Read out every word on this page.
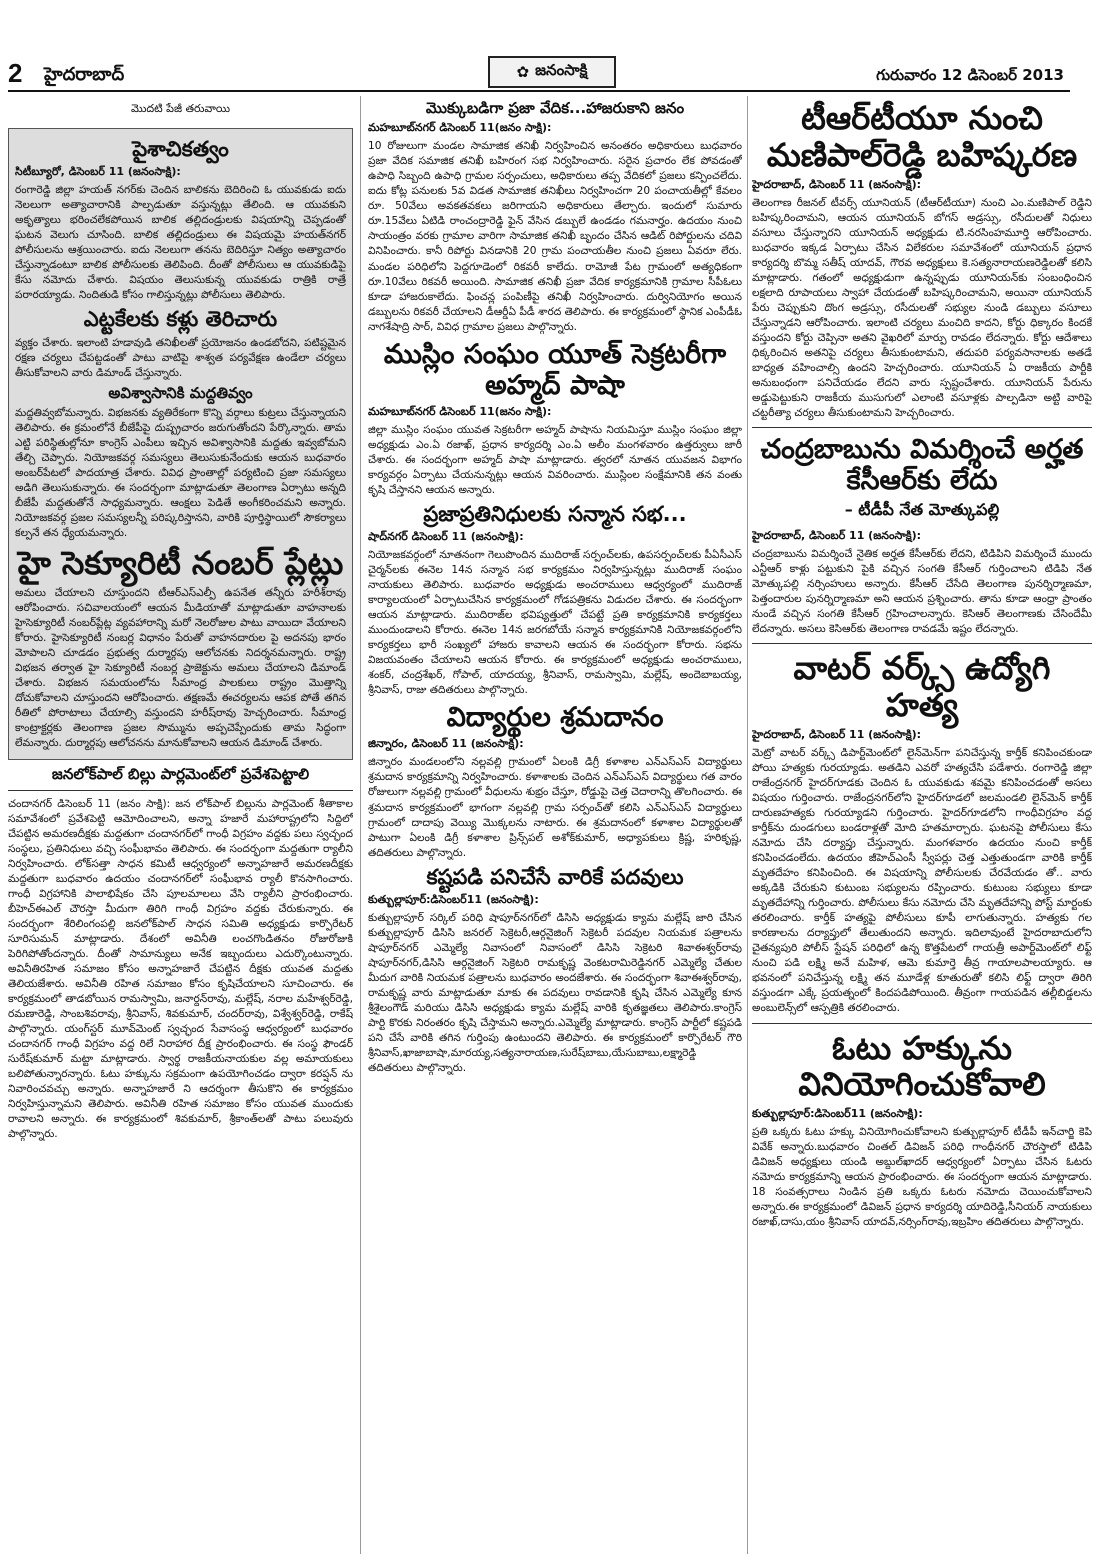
2 హైదరాబాద్	✿ జనంసాక్షి	గురువారం 12 డిసెంబర్ 2013
మొదటి పేజీ తరువాయి
పైశాచికత్వం
సిటీబ్యూరో, డిసెంబర్ 11 (జనంసాక్షి):

రంగారెడ్డి జిల్లా హయత్ నగర్‌కు చెందిన బాలికను బెదిరించి ఓ యువకుడు ఐదు నెలలుగా అత్యాచారానికి పాల్పడుతూ వస్తున్నట్లు తేలింది. ఆ యువకుని అకృత్యాలు భరించలేకపోయిన బాలిక తల్లిదండ్రులకు విషయాన్ని చెప్పడంతో ఘటన వెలుగు చూసింది. బాలిక తల్లిదండ్రులు ఈ విషయమై హయత్‌నగర్ పోలీసులను ఆశ్రయించారు. ఐదు నెలలుగా తనను బెదిరిస్తూ నిత్యం అత్యాచారం చేస్తున్నాడంటూ బాలిక పోలీసులకు తెలిపింది. దీంతో పోలీసులు ఆ యువకుడిపై కేసు నమోదు చేశారు. విషయం తెలుసుకున్న యువకుడు రాత్రికి రాత్రే పరారయ్యాడు. నిందితుడి కోసం గాలిస్తున్నట్లు పోలీసులు తెలిపారు.

ఎట్టకేలకు కళ్లు తెరిచారు

వ్యక్తం చేశారు. ఇలాంటి హడావుడి తనిఖీలతో ప్రయోజనం ఉండబోదని, పటిష్టమైన రక్షణ చర్యలు చేపట్టడంతో పాటు వాటిపై శాశ్వత పర్యవేక్షణ ఉండేలా చర్యలు తీసుకోవాలని వారు డిమాండ్ చేస్తున్నారు.

అవిశ్వాసానికి మద్దతివ్వం

మద్దతివ్వబోమన్నారు. విభజనకు వ్యతిరేకంగా కొన్ని వర్గాలు కుట్రలు చేస్తున్నాయని తెలిపారు. ఈ క్రమంలోనే బీజేపీపై దుష్ప్రచారం జరుగుతోందని పేర్కొన్నారు. తామ ఎట్టి పరిస్థితుల్లోనూ కాంగ్రెస్ ఎంపీలు ఇచ్చిన అవిశ్వాసానికి మద్దతు ఇవ్వబోమని తేల్చి చెప్పారు. నియోజకవర్గ సమస్యలు తెలుసుకునేందుకు ఆయన బుధవారం అంబర్‌పేటలో పాదయాత్ర చేశారు. వివిధ ప్రాంతాల్లో పర్యటించి ప్రజా సమస్యలు అడిగి తెలుసుకున్నారు. ఈ సందర్భంగా మాట్లాడుతూ తెలంగాణ ఏర్పాటు అన్నది బీజేపీ మద్దతుతోనే సాధ్యమన్నారు. ఆంక్షలు పెడితే అంగీకరించమని అన్నారు. నియోజకవర్గ ప్రజల సమస్యలన్నీ పరిష్కరిస్తానని, వారికి పూర్తిస్థాయిలో సౌకర్యాలు కల్పనే తన ధ్యేయమన్నారు.

హై సెక్యూరిటీ నంబర్ ప్లేట్లు

అమలు చేయాలని చూస్తుందని టీఆర్‌ఎస్‌ఎల్పీ ఉపనేత తన్నీరు హరీశ్‌రావు ఆరోపించారు. సచివాలయంలో ఆయన మీడియాతో మాట్లాడుతూ వాహనాలకు హైసెక్యూరిటీ నంబర్‌ప్లేట్ల వ్యవహారాన్ని మరో నెలరోజుల పాటు వాయిదా వేయాలని కోరారు. హైసెక్యూరిటీ నంబర్ల విధానం పేరుతో వాహనదారుల పై అదనపు భారం మోపాలని చూడడం ప్రభుత్వ దుర్మార్గపు ఆలోచనకు నిదర్శనమన్నారు. రాష్ట్ర విభజన తర్వాత హై సెక్యూరిటీ నంబర్ల ప్రాజెక్టును అమలు చేయాలని డిమాండ్ చేశారు. విభజన సమయంలోను సీమాంధ్ర పాలకులు రాష్ట్రం మొత్తాన్ని దోచుకోవాలని చూస్తుందని ఆరోపించారు. తక్షణమే ఈచర్యలను ఆపక పోతే తగిన రీతిలో పోరాటాలు చేయాల్సి వస్తుందని హరీష్‌రావు హెచ్చరించారు. సీమాంధ్ర కాంట్రాక్టర్లకు తెలంగాణ ప్రజల సొమ్మును అప్పచెప్పేందుకు తామ సిద్ధంగా లేమన్నారు. దుర్మార్గపు ఆలోచనను మానుకోవాలని ఆయన డిమాండ్ చేశారు.

జనలోక్‌పాల్ బిల్లు పార్లమెంట్‌లో ప్రవేశపెట్టాలి

చందానగర్ డిసెంబర్ 11 (జనం సాక్షి): జన లోక్‌పాల్ బిల్లును పార్లమెంట్ శీతాకాల సమావేశంలో ప్రవేశపెట్టి ఆమోదించాలని, అన్నా హజారే మహారాష్ట్రలోని సిద్దిలో చేపట్టిన అమరణదీక్షకు మద్దతుగా చందానగర్‌లో గాంధీ విగ్రహం వద్దకు పలు స్వచ్ఛంద సంస్థలు, ప్రతినిధులు వచ్చి సంఘీభావం తెలిపారు. ఈ సందర్భంగా మద్దతుగా ర్యాలీని నిర్వహించారు. లోక్‌సత్తా సాధన కమిటీ ఆధ్వర్యంలో అన్నాహజారే అమరణదీక్షకు మద్దతుగా బుధవారం ఉదయం చందానగర్‌లో సంఘీభావ ర్యాలీ కొనసాగించారు. గాంధీ విగ్రహానికి పాలాభిషేకం చేసి పూలమాలలు వేసి ర్యాలీని ప్రారంభించారు. బీహెచ్ఈఎల్ చౌరస్తా మీదుగా తిరిగి గాంధీ విగ్రహం వద్దకు చేరుకున్నారు. ఈ సందర్భంగా శేరిలింగంపల్లి జనలోక్‌పాల్ సాధన సమితి అధ్యక్షుడు కార్పొరేటర్ సూరిసుమన్ మాట్లాడారు. దేశంలో అవినీతి లంచగొండితనం రోజురోజుకి పెరిగిపోతోందన్నారు. దీంతో సామాన్యులు అనేక ఇబ్బందులు ఎదుర్కొంటున్నారు. అవినీతిరహిత సమాజం కోసం అన్నాహజారే చేపట్టిన దీక్షకు యువత మద్దతు తెలియజేశారు. అవినీతి రహిత సమాజం కోసం కృషిచేయాలని సూచించారు. ఈ కార్యక్రమంలో తాడబోయిన రామస్వామి, జనార్దన్‌రావు, మల్లేష్, నరాల మహేశ్వర్‌రెడ్డి, రమణారెడ్డి, సాంబశివరావు, శ్రీనివాస్, శివకుమార్, చందర్‌రావు, విశ్వేశ్వర్‌రెడ్డి, రాకేష్ పాల్గొన్నారు. యంగ్‌స్టర్ మూవ్‌మెంట్ స్వచ్ఛంద సేవాసంస్థ ఆధ్వర్యంలో బుధవారం చందానగర్ గాంధీ విగ్రహం వద్ద రిలే నిరాహార దీక్ష ప్రారంభించారు. ఈ సంస్థ ఫౌండర్ సురేష్‌కుమార్ మట్టా మాట్లాడారు. స్వార్థ రాజకీయనాయకుల వల్ల అమాయకులు బలిపోతున్నారన్నారు. ఓటు హక్కును సక్రమంగా ఉపయోగించడం ద్వారా కరప్షన్ ను నివారించవచ్చు అన్నారు. అన్నాహజారే ని ఆదర్శంగా తీసుకొని ఈ కార్యక్రమం నిర్వహిస్తున్నామని తెలిపారు. అవినీతి రహిత సమాజం కోసం యువత ముందుకు రావాలని అన్నారు. ఈ కార్యక్రమంలో శివకుమార్, శ్రీకాంత్‌లతో పాటు పలువురు పాల్గొన్నారు.

మొక్కుబడిగా ప్రజా వేదిక...హాజరుకాని జనం
మహబూబ్‌నగర్ డిసెంబర్ 11(జనం సాక్షి):

10 రోజులుగా మండల సామాజిక తనిఖీ నిర్వహించిన అనంతరం అధికారులు బుధవారం ప్రజా వేదిక సమాజిక తనిఖీ బహిరంగ సభ నిర్వహించారు. సరైన ప్రచారం లేక పోవడంతో ఉపాధి సిబ్బంది ఉపాధి గ్రామల సర్పంచులు, అధికారులు తప్ప వేదికలో ప్రజలు కన్పించలేదు. ఐదు కోట్ల పనులకు 5వ విడత సామాజిక తనిఖీలు నిర్వహించగా 20 పంచాయతీల్లో కేవలం రూ. 50వేలు అవకతవకలు జరిగాయని అధికారులు తేల్చారు. ఇందులో సుమారు రూ.15వేలు ఏటిడి రాంచంద్రారెడ్డి ఫైన్ వేసిన డబ్బులే ఉండడం గమనార్హం. ఉదయం నుంచి సాయంత్రం వరకు గ్రామాల వారిగా సామాజిక తనిఖీ బృందం చేసిన ఆడిట్ రిపోర్టులను చదివి వినిపించారు. కానీ రిపోర్టు వినడానికి 20 గ్రామ పంచాయతీల నుంచి ప్రజలు ఏవరూ లేరు. మండల పరిధిలోని పెద్దగూడెంలో రికవరీ కాలేదు. రామోజీ పేట గ్రామంలో అత్యధికంగా రూ.10వేలు రికవరీ అయింది. సామాజిక తనిఖీ ప్రజా వేదిక కార్యక్రమానికి గ్రామాల సీపీఓలు కూడా హాజరుకాలేదు. ఫించన్ల పంపిణీపై తనిఖీ నిర్వహించారు. దుర్వినియోగం అయిన డబ్బులను రికవరీ చేయాలని డీఆర్డీఏ పీడీ శారద తెలిపారు. ఈ కార్యక్రమంలో స్థానిక ఎంపీడీఓ నాగశేషాద్రి సార్, వివిధ గ్రామాల ప్రజలు పాల్గొన్నారు.

ముస్లిం సంఘం యూత్ సెక్రటరీగా అహ్మద్ పాషా
మహబూబ్‌నగర్ డిసెంబర్ 11(జనం సాక్షి):

జిల్లా ముస్లిం సంఘం యువత సెక్రటరీగా అహ్మద్ పాషాను నియమిస్తూ ముస్లిం సంఘం జిల్లా అధ్యక్షుడు ఎం.ఏ రజాఖ్, ప్రధాన కార్యదర్శి ఎం.ఏ అలీం మంగళవారం ఉత్తర్వులు జారీ చేశారు. ఈ సందర్భంగా అహ్మద్ పాషా మాట్లాడారు. త్వరలో నూతన యువజన విభాగం కార్యవర్గం ఏర్పాటు చేయనున్నట్లు ఆయన వివరించారు. ముస్లింల సంక్షేమానికి తన వంతు కృషి చేస్తానని ఆయన అన్నారు.

ప్రజాప్రతినిధులకు సన్మాన సభ...
షాద్‌నగర్ డిసెంబర్ 11 (జనంసాక్షి):

నియోజకవర్గంలో నూతనంగా గెలుపొందిన ముదిరాజ్ సర్పంచ్‌లకు, ఉపసర్పంచ్‌లకు పీఏసీఎస్ చైర్మన్‌లకు ఈనెల 14న సన్మాన సభ కార్యక్రమం నిర్వహిస్తున్నట్లు ముదిరాజ్ సంఘం నాయకులు తెలిపారు. బుధవారం అధ్యక్షుడు అంచరాములు ఆధ్వర్యంలో ముదిరాజ్ కార్యాలయంలో ఏర్పాటుచేసిన కార్యక్రమంలో గోడపత్రికను విడుదల చేశారు. ఈ సందర్భంగా ఆయన మాట్లాడారు. ముదిరాజ్‌ల భవిష్యత్తులో చేపట్టే ప్రతి కార్యక్రమానికి కార్యకర్తలు ముందుండాలని కోరారు. ఈనెల 14న జరగబోయే సన్మాన కార్యక్రమానికి నియోజకవర్గంలోని కార్యకర్తలు భారీ సంఖ్యలో హాజరు కావాలని ఆయన ఈ సందర్భంగా కోరారు. సభను విజయవంతం చేయాలని ఆయన కోరారు. ఈ కార్యక్రమంలో అధ్యక్షుడు అంచరాములు, శంకర్, చంద్రశేఖర్, గోపాల్, యాదయ్య, శ్రీనివాస్, రామస్వామి, మల్లేష్, అందెబాబయ్య, శ్రీనివాస్, రాజు తదితరులు పాల్గొన్నారు.

విద్యార్థుల శ్రమదానం
జిన్నారం, డిసెంబర్ 11 (జనంసాక్షి):

జిన్నారం మండలంలోని నల్లవల్లి గ్రామంలో ఏలంకి డిగ్రీ కళాశాల ఎన్‌ఎస్‌ఎస్ విద్యార్థులు శ్రమదాన కార్యక్రమాన్ని నిర్వహించారు. కళాశాలకు చెందిన ఎన్‌ఎస్‌ఎస్ విద్యార్థులు గత వారం రోజులుగా నల్లవల్లి గ్రామంలో వీధులను శుభ్రం చేస్తూ, రోడ్డుపై చెత్త చెదారాన్ని తొలగించారు. ఈ శ్రమదాన కార్యక్రమంలో భాగంగా నల్లవల్లి గ్రామ సర్పంచ్‌తో కలిసి ఎన్‌ఎస్‌ఎస్ విద్యార్థులు గ్రామంలో దాదాపు వెయ్యి మొక్కలను నాటారు. ఈ శ్రమదానంలో కళాశాల విద్యార్థులతో పాటుగా ఏలంకి డిగ్రీ కళాశాల ప్రిన్స్‌పల్ అశోక్‌కుమార్, అధ్యాపకులు క్రిష్ణ, హరికృష్ణ, తదితరులు పాల్గొన్నారు.

కష్టపడి పనిచేసే వారికే పదవులు
కుత్బుల్లాపూర్:డిసెంబర్11 (జనంసాక్షి):

కుత్బుల్లాపూర్ సర్కిల్ పరిధి షాపూర్‌నగర్‌లో డిసిసి అధ్యక్షుడు క్యామ మల్లేష్ జారి చేసిన కుత్బుల్లాపూర్ డిసిసి జనరల్ సెక్రెటరీ,ఆర్గనైజింగ్ సెక్రెటరీ పదవుల నియమక పత్రాలను షాపూర్‌నగర్ ఎమ్మెల్యే నివాసంలో నివాసంలో డిసిసి సెక్రెటరి శివాఈశ్వర్‌రావు షాపూర్‌నగర్,డిసిసి ఆర్గనైజింగ్ సెక్రెటరి రామకృష్ణ వెంకటరామిరెడ్డినగర్ ఎమ్మెల్యే చేతుల మీదుగ వారికి నియమక పత్రాలను బుధవారం అందజేశారు. ఈ సందర్భంగా శివాఈశ్వర్‌రావు, రామకృష్ణ వారు మాట్లాడుతూ మాకు ఈ పదవులు రావడానికి కృషి చేసిన ఎమ్మెల్యే కూన శ్రీశైలంగౌడ్ మరియు డిసిసి అధ్యక్షుడు క్యామ మల్లేష్ వారికి కృతజ్ఞతలు తెలిపారు.కాంగ్రెస్ పార్టి కొరకు నిరంతరం కృషి చేస్తామని అన్నారు.ఎమ్మెల్యే మాట్లాడారు. కాంగ్రెస్ పార్టీలో కష్టపడి పని చేసే వారికి తగిన గుర్తింపు ఉంటుందని తెలిపారు. ఈ కార్యక్రమంలో కార్పొరేటర్ గౌరి శ్రీనివాస్,ఖాజాబాషా,మారయ్య,సత్యనారాయణ,సురేష్‌బాబు,యేసుబాబు,లక్ష్మారెడ్డి తదితరులు పాల్గొన్నారు.

టీఆర్‌టీయూ నుంచి మణిపాల్‌రెడ్డి బహిష్కరణ
హైదరాబాద్, డిసెంబర్ 11 (జనంసాక్షి):

తెలంగాణ రీజనల్ టీవర్స్ యూనియన్ (టీఆర్‌టీయూ) నుంచి ఎం.మణిపాల్ రెడ్డిని బహిష్కరించామని, ఆయన యూనియన్ బోగస్ అడ్రస్సు, రసీదులతో నిధులు వసూలు చేస్తున్నారని యూనియన్ అధ్యక్షుడు టి.నరసింహమూర్తి ఆరోపించారు. బుధవారం ఇక్కడ ఏర్పాటు చేసిన విలేకరుల సమావేశంలో యూనియన్ ప్రధాన కార్యదర్శి బొమ్మ సతీష్ యాదవ్, గౌరవ అధ్యక్షులు కె.సత్యనారాయణరెడ్డిలతో కలిసి మాట్లాడారు. గతంలో అధ్యక్షుడుగా ఉన్నప్పుడు యూనియన్‌కు సంబంధించిన లక్షలాది రూపాయలు స్వాహా చేయడంతో బహిష్కరించామని, అయినా యూనియన్ పేరు చెప్పుకుని దొంగ అడ్రస్సు, రసీదులతో సభ్యుల నుండి డబ్బులు వసూలు చేస్తున్నాడని ఆరోపించారు. ఇలాంటి చర్యలు మంచిది కాదని, కోర్టు ధిక్కారం కిందకే వస్తుందని కోర్టు చెప్పినా అతని వైఖరిలో మార్పు రావడం లేదన్నారు. కోర్టు ఆదేశాలు ధిక్కరించిన అతనిపై చర్యలు తీసుకుంటామని, తదుపరి పర్యవసానాలకు అతడే బాధ్యత వహించాల్సి ఉందని హెచ్చరించారు. యూనియన్ ఏ రాజకీయ పార్టీకి అనుబంధంగా పనిచేయడం లేదని వారు స్పష్టంచేశారు. యూనియన్ పేరును అడ్డుపెట్టుకుని రాజకీయ ముసుగులో ఎలాంటి వసూళ్లకు పాల్పడినా అట్టి వారిపై చట్టరీత్యా చర్యలు తీసుకుంటామని హెచ్చరించారు.

చంద్రబాబును విమర్శించే అర్హత కేసీఆర్‌కు లేదు
– టీడీపీ నేత మోత్కుపల్లి
హైదరాబాద్, డిసెంబర్ 11 (జనంసాక్షి):

చంద్రబాబును విమర్శించే నైతిక అర్హత కేసీఆర్‌కు లేదని, టిడిపిని విమర్శించే ముందు ఎన్టీఆర్ కాళ్లు పట్టుకుని పైకి వచ్చిన సంగతి కేసీఆర్ గుర్తించాలని టిడిపి నేత మోత్కుపల్లి నర్సింహులు అన్నారు. కేసీఆర్ చేసేది తెలంగాణ పునర్నిర్మాణమా, పెత్తందారుల పునర్నిర్మాణమా అని ఆయన ప్రశ్నించారు. తాను కూడా ఆంధ్రా ప్రాంతం నుండే వచ్చిన సంగతి కేసీఆర్ గ్రహించాలన్నారు. కెసిఆర్ తెలంగాణకు చేసిందేమీ లేదన్నారు. అసలు కెసిఆర్‌కు తెలంగాణ రావడమే ఇష్టం లేదన్నారు.

వాటర్ వర్క్స్ ఉద్యోగి హత్య
హైదరాబాద్, డిసెంబర్ 11 (జనంసాక్షి):

మెట్రో వాటర్ వర్క్స్ డిపార్ట్‌మెంట్‌లో లైన్‌మెన్‌గా పనిచేస్తున్న కార్తీక్ కనిపించకుండా పోయి హత్యకు గురయ్యాడు. అతడిని ఎవరో హత్యచేసి పడేశారు. రంగారెడ్డి జిల్లా రాజేంద్రనగర్ హైదర్‌గూడకు చెందిన ఓ యువకుడు శవమై కనిపించడంతో అసలు విషయం గుర్తించారు. రాజేంద్రనగర్‌లోని హైదర్‌గూడలో జలమండలి లైన్‌మెన్ కార్తీక్ దారుణహత్యకు గురయ్యాడని గుర్తించారు. హైదర్‌గూడలోని గాంధీవిగ్రహం వద్ద కార్తీక్‌ను దుండగులు బండరాళ్లతో మోది హతమార్చారు. ఘటనపై పోలీసులు కేసు నమోదు చేసి దర్యాప్తు చేస్తున్నారు. మంగళవారం ఉదయం నుంచి కార్తీక్ కనిపించడంలేదు. ఉదయం జీహెచ్ఎంసీ స్వీపర్లు చెత్త ఎత్తుతుండగా వారికి కార్తీక్ మృతదేహం కనిపించింది. ఈ విషయాన్ని పోలీసులకు చేరవేయడం తో.. వారు అక్కడికి చేరుకుని కుటుంబ సభ్యులను రప్పించారు. కుటుంబ సభ్యులు కూడా మృతదేహాన్ని గుర్తించారు. పోలీసులు కేసు నమోదు చేసి మృతదేహాన్ని పోస్ట్ మార్టంకు తరలించారు. కార్తీక్ హత్యపై పోలీసులు కూపీ లాగుతున్నారు. హత్యకు గల కారణాలను దర్యాప్తులో తేలుతుందని అన్నారు. ఇదిలావుంటే హైదరాబాదులోని చైతన్యపురి పోలీస్ స్టేషన్ పరిధిలో ఉన్న కొత్తపేటలో గాయత్రీ అపార్ట్‌మెంట్‌లో లిఫ్ట్ నుంచి పడి లక్ష్మి అనే మహిళ, ఆమె కుమార్తె తీవ్ర గాయాలపాలయ్యారు. ఆ భవనంలో పనిచేస్తున్న లక్ష్మి తన మూడేళ్ల కూతురుతో కలిసి లిఫ్ట్ ద్వారా తిరిగి వస్తుండగా ఎక్కే ప్రయత్నంలో కిందపడిపోయింది. తీవ్రంగా గాయపడిన తల్లీబిడ్డలను అంబులెన్స్‌లో ఆస్పత్రికి తరలించారు.

ఓటు హక్కును వినియోగించుకోవాలి
కుత్బుల్లాపూర్:డిసెంబర్11 (జనంసాక్షి):

ప్రతి ఒక్కరు ఓటు హక్కు వినియోగించుకోవాలని కుత్బుల్లాపూర్ టీడీపీ ఇన్‌చార్జి కెపి వివేక్ అన్నారు.బుధవారం చింతల్ డివిజన్ పరిధి గాంధీనగర్ చౌరస్తాలో టిడిపి డివిజన్ అధ్యక్షులు యండి అబ్దుల్‌ఖాదర్ ఆధ్వర్యంలో ఏర్పాటు చేసిన ఓటరు నమోదు కార్యక్రమాన్ని ఆయన ప్రారంభించారు. ఈ సందర్భంగా ఆయన మాట్లాడారు. 18 సంవత్సరాలు నిండిన ప్రతి ఒక్కరు ఓటరు నమోదు చెయించుకోవాలని అన్నారు.ఈ కార్యక్రమంలో డివిజన్ ప్రధాన కార్యదర్శి యాదిరెడ్డి,సీనియర్ నాయకులు రజాఖ్,దాసు,యం శ్రీనివాస్ యాదవ్,నర్సింగ్‌రావు,ఇబ్రహిం తదితరులు పాల్గొన్నారు.
